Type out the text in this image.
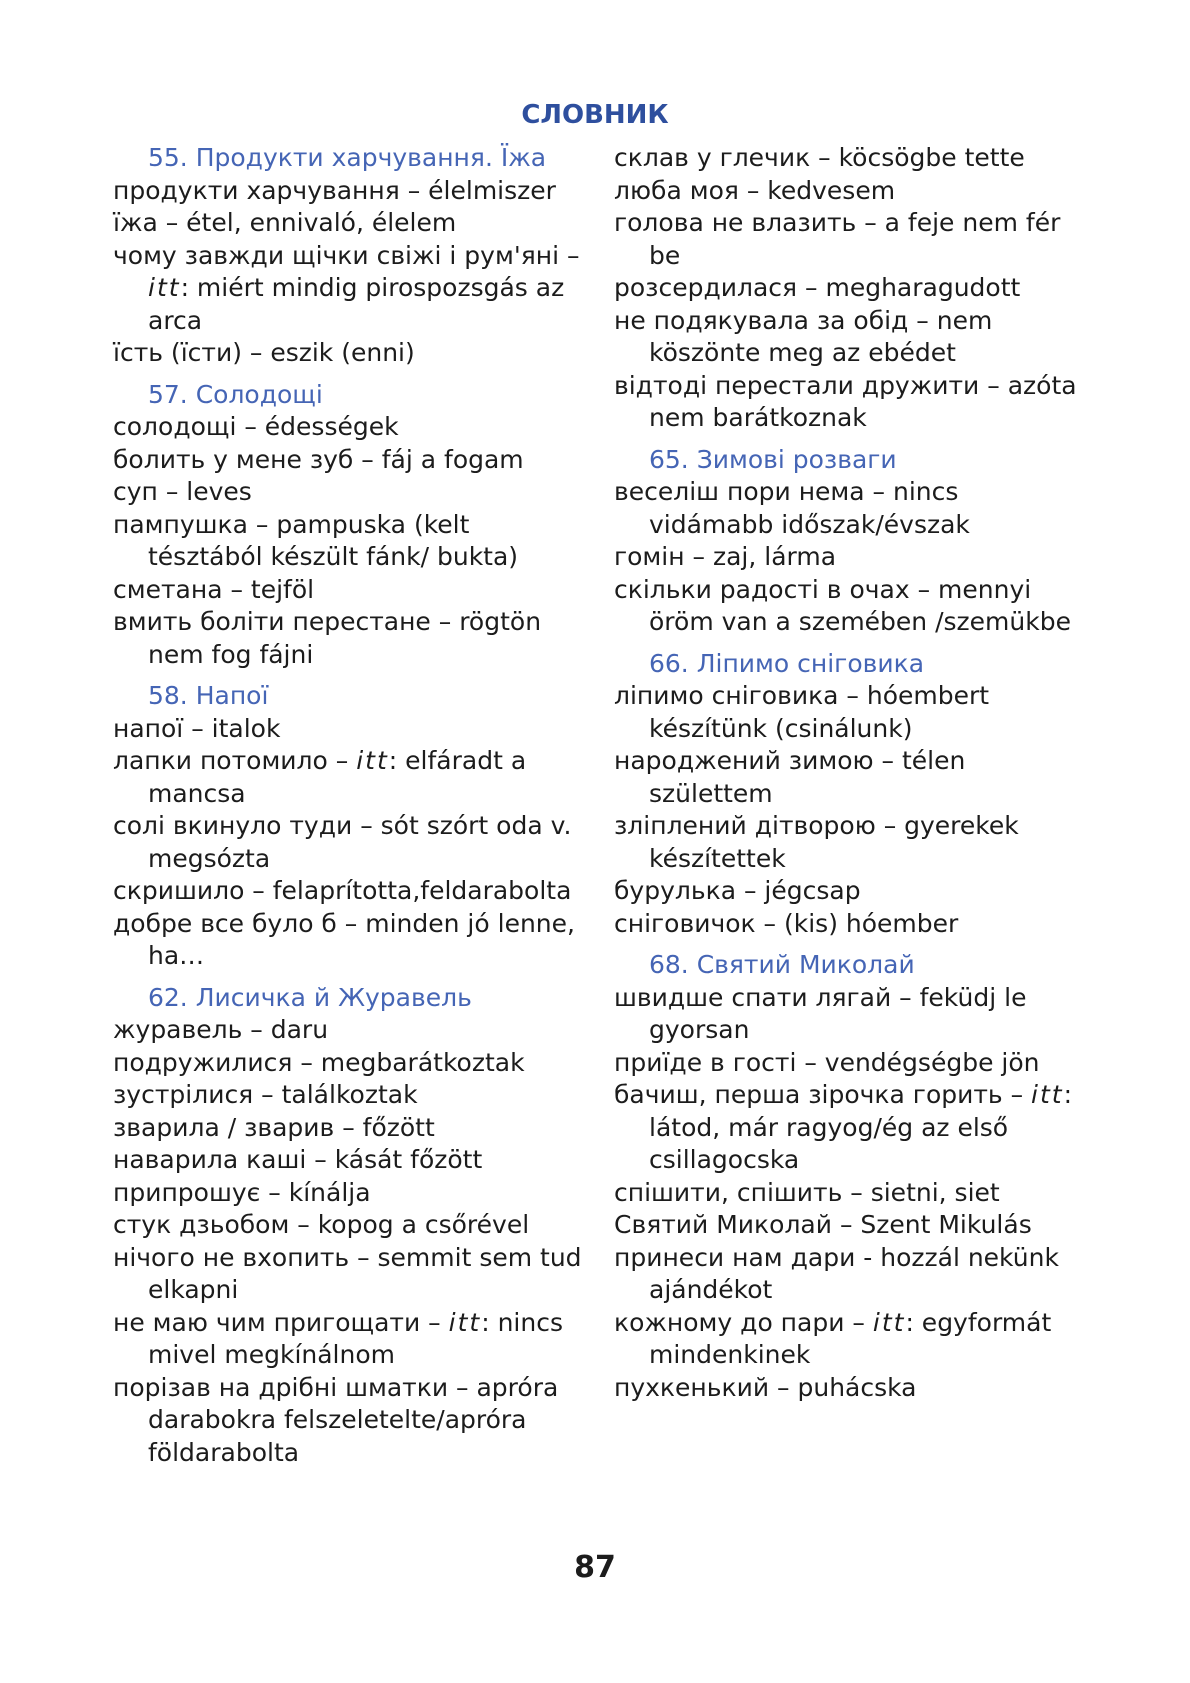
СЛОВНИК
55. Продукти харчування. Їжа
продукти харчування – élelmiszer
їжа – étel, ennivaló, élelem
чому завжди щічки свіжі і рум'яні – itt: miért mindig pirospozsgás az arca
їсть (їсти) – eszik (enni)
57. Солодощі
солодощі – édességek
болить у мене зуб – fáj a fogam
суп – leves
пампушка – pampuska (kelt tésztából készült fánk/ bukta)
сметана – tejföl
вмить боліти перестане – rögtön nem fog fájni
58. Напої
напої – italok
лапки потомило – itt: elfáradt a mancsa
солі вкинуло туди – sót szórt oda v. megsózta
скришило – felaprította,feldarabolta
добре все було б – minden jó lenne, ha…
62. Лисичка й Журавель
журавель – daru
подружилися – megbarátkoztak
зустрілися – találkoztak
зварила / зварив – főzött
наварила каші – kását főzött
припрошує – kínálja
стук дзьобом – kopog a csőrével
нічого не вхопить – semmit sem tud elkapni
не маю чим пригощати – itt: nincs mivel megkínálnom
порізав на дрібні шматки – apróra darabokra felszeletelte/apróra földarabolta
склав у глечик – köcsögbe tette
люба моя – kedvesem
голова не влазить – a feje nem fér be
розсердилася – megharagudott
не подякувала за обід – nem köszönte meg az ebédet
відтоді перестали дружити – azóta nem barátkoznak
65. Зимові розваги
веселіш пори нема – nincs vidámabb időszak/évszak
гомін – zaj, lárma
скільки радості в очах – mennyi öröm van a szemében /szemükbe
66. Ліпимо сніговика
ліпимо сніговика – hóembert készítünk (csinálunk)
народжений зимою – télen születtem
зліплений дітворою – gyerekek készítettek
бурулька – jégcsap
сніговичок – (kis) hóember
68. Святий Миколай
швидше спати лягай – feküdj le gyorsan
приїде в гості – vendégségbe jön
бачиш, перша зірочка горить – itt: látod, már ragyog/ég az első csillagocska
спішити, спішить – sietni, siet
Святий Миколай – Szent Mikulás
принеси нам дари - hozzál nekünk ajándékot
кожному до пари – itt: egyformát mindenkinek
пухкенький – puhácska
87
